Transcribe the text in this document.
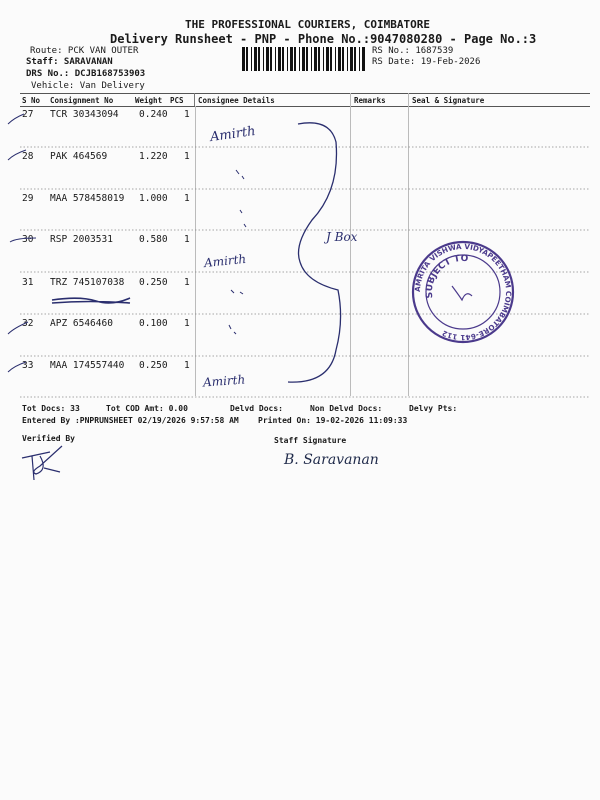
THE PROFESSIONAL COURIERS, COIMBATORE
Delivery Runsheet - PNP - Phone No.:9047080280 - Page No.:3
Route: PCK VAN OUTER
Staff: SARAVANAN
DRS No.: DCJB168753903
Vehicle: Van Delivery
RS No.: 1687539
RS Date: 19-Feb-2026
S No Consignment No	Weight PCS Consignee Details	Remarks	Seal & Signature
27 TCR 30343094 0.240 1
28 PAK 464569	1.220 1
29 MAA 578458019 1.000 1
30 RSP 2003531	0.580 1
31 TRZ 745107038 0.250 1
32 APZ 6546460	0.100 1
33 MAA 174557440 0.250 1
Amirth
Amirth
Amirth
J Box
AMRITA VISHWA VIDYAPEETHAM COIMBATORE-641 112
SUBJECT TO
Tot Docs: 33	Tot COD Amt: 0.00	Delvd Docs:	Non Delvd Docs:	Delvy Pts:
Entered By :PNPRUNSHEET 02/19/2026 9:57:58 AM Printed On: 19-02-2026 11:09:33
Verified By	Staff Signature
B. Saravanan
